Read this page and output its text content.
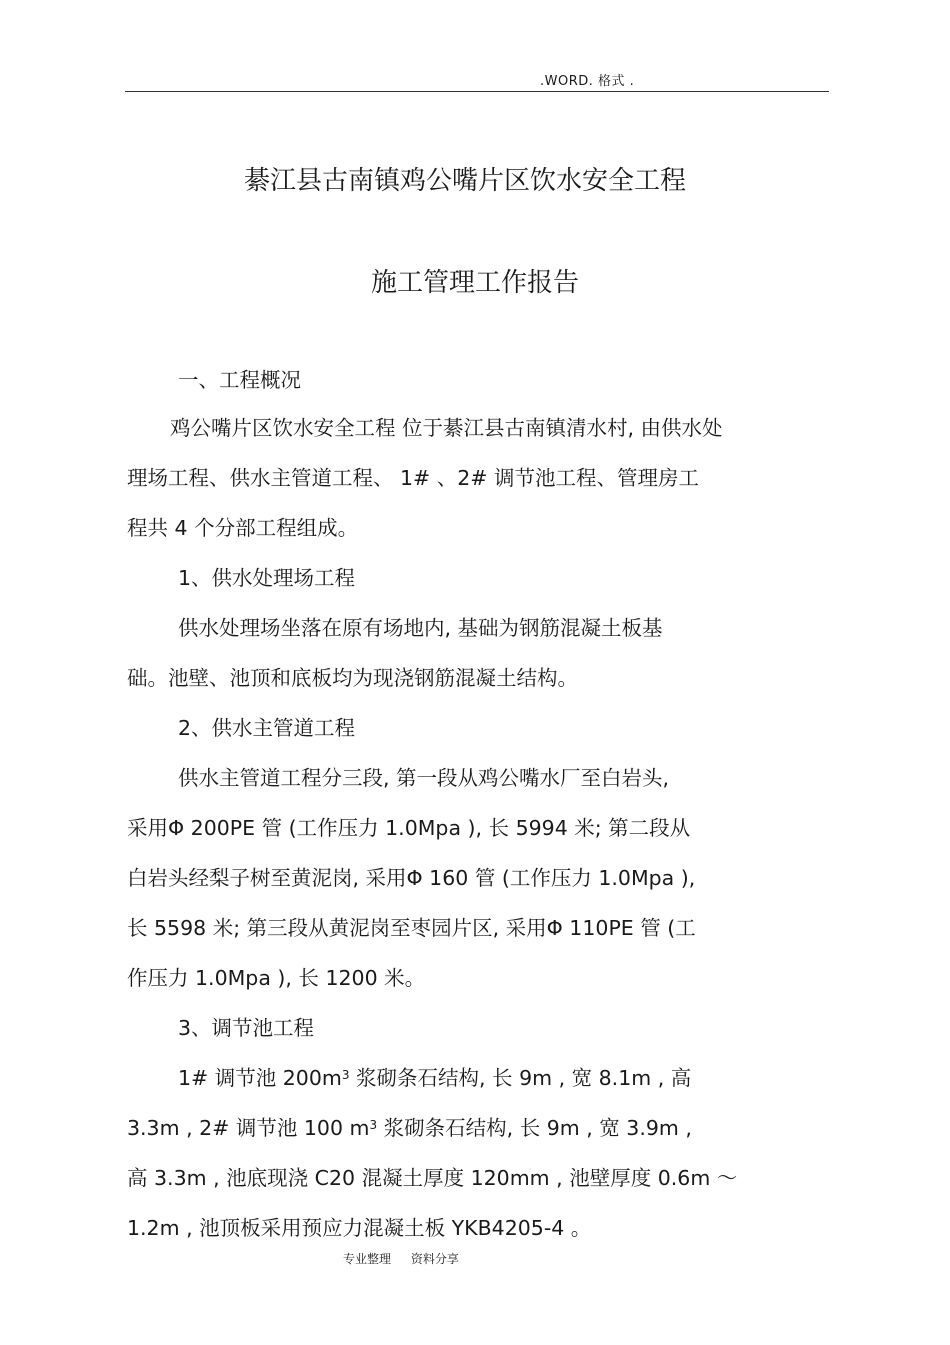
.WORD. 格式 .
綦江县古南镇鸡公嘴片区饮水安全工程
施工管理工作报告
一、工程概况
鸡公嘴片区饮水安全工程 位于綦江县古南镇清水村, 由供水处
理场工程、供水主管道工程、 1# 、2# 调节池工程、管理房工
程共 4 个分部工程组成。
1、供水处理场工程
供水处理场坐落在原有场地内, 基础为钢筋混凝土板基
础。池壁、池顶和底板均为现浇钢筋混凝土结构。
2、供水主管道工程
供水主管道工程分三段, 第一段从鸡公嘴水厂至白岩头,
采用Φ 200PE 管 (工作压力 1.0Mpa ), 长 5994 米; 第二段从
白岩头经梨子树至黄泥岗, 采用Φ 160 管 (工作压力 1.0Mpa ),
长 5598 米; 第三段从黄泥岗至枣园片区, 采用Φ 110PE 管 (工
作压力 1.0Mpa ), 长 1200 米。
3、调节池工程
1# 调节池 $200m^3$ 浆砌条石结构, 长 9m , 宽 8.1m , 高
3.3m , 2# 调节池 100 $m^3$ 浆砌条石结构, 长 9m , 宽 3.9m ,
高 3.3m , 池底现浇 C20 混凝土厚度 120mm , 池壁厚度 0.6m ～
1.2m , 池顶板采用预应力混凝土板 YKB4205-4 。
专业整理 资料分享
